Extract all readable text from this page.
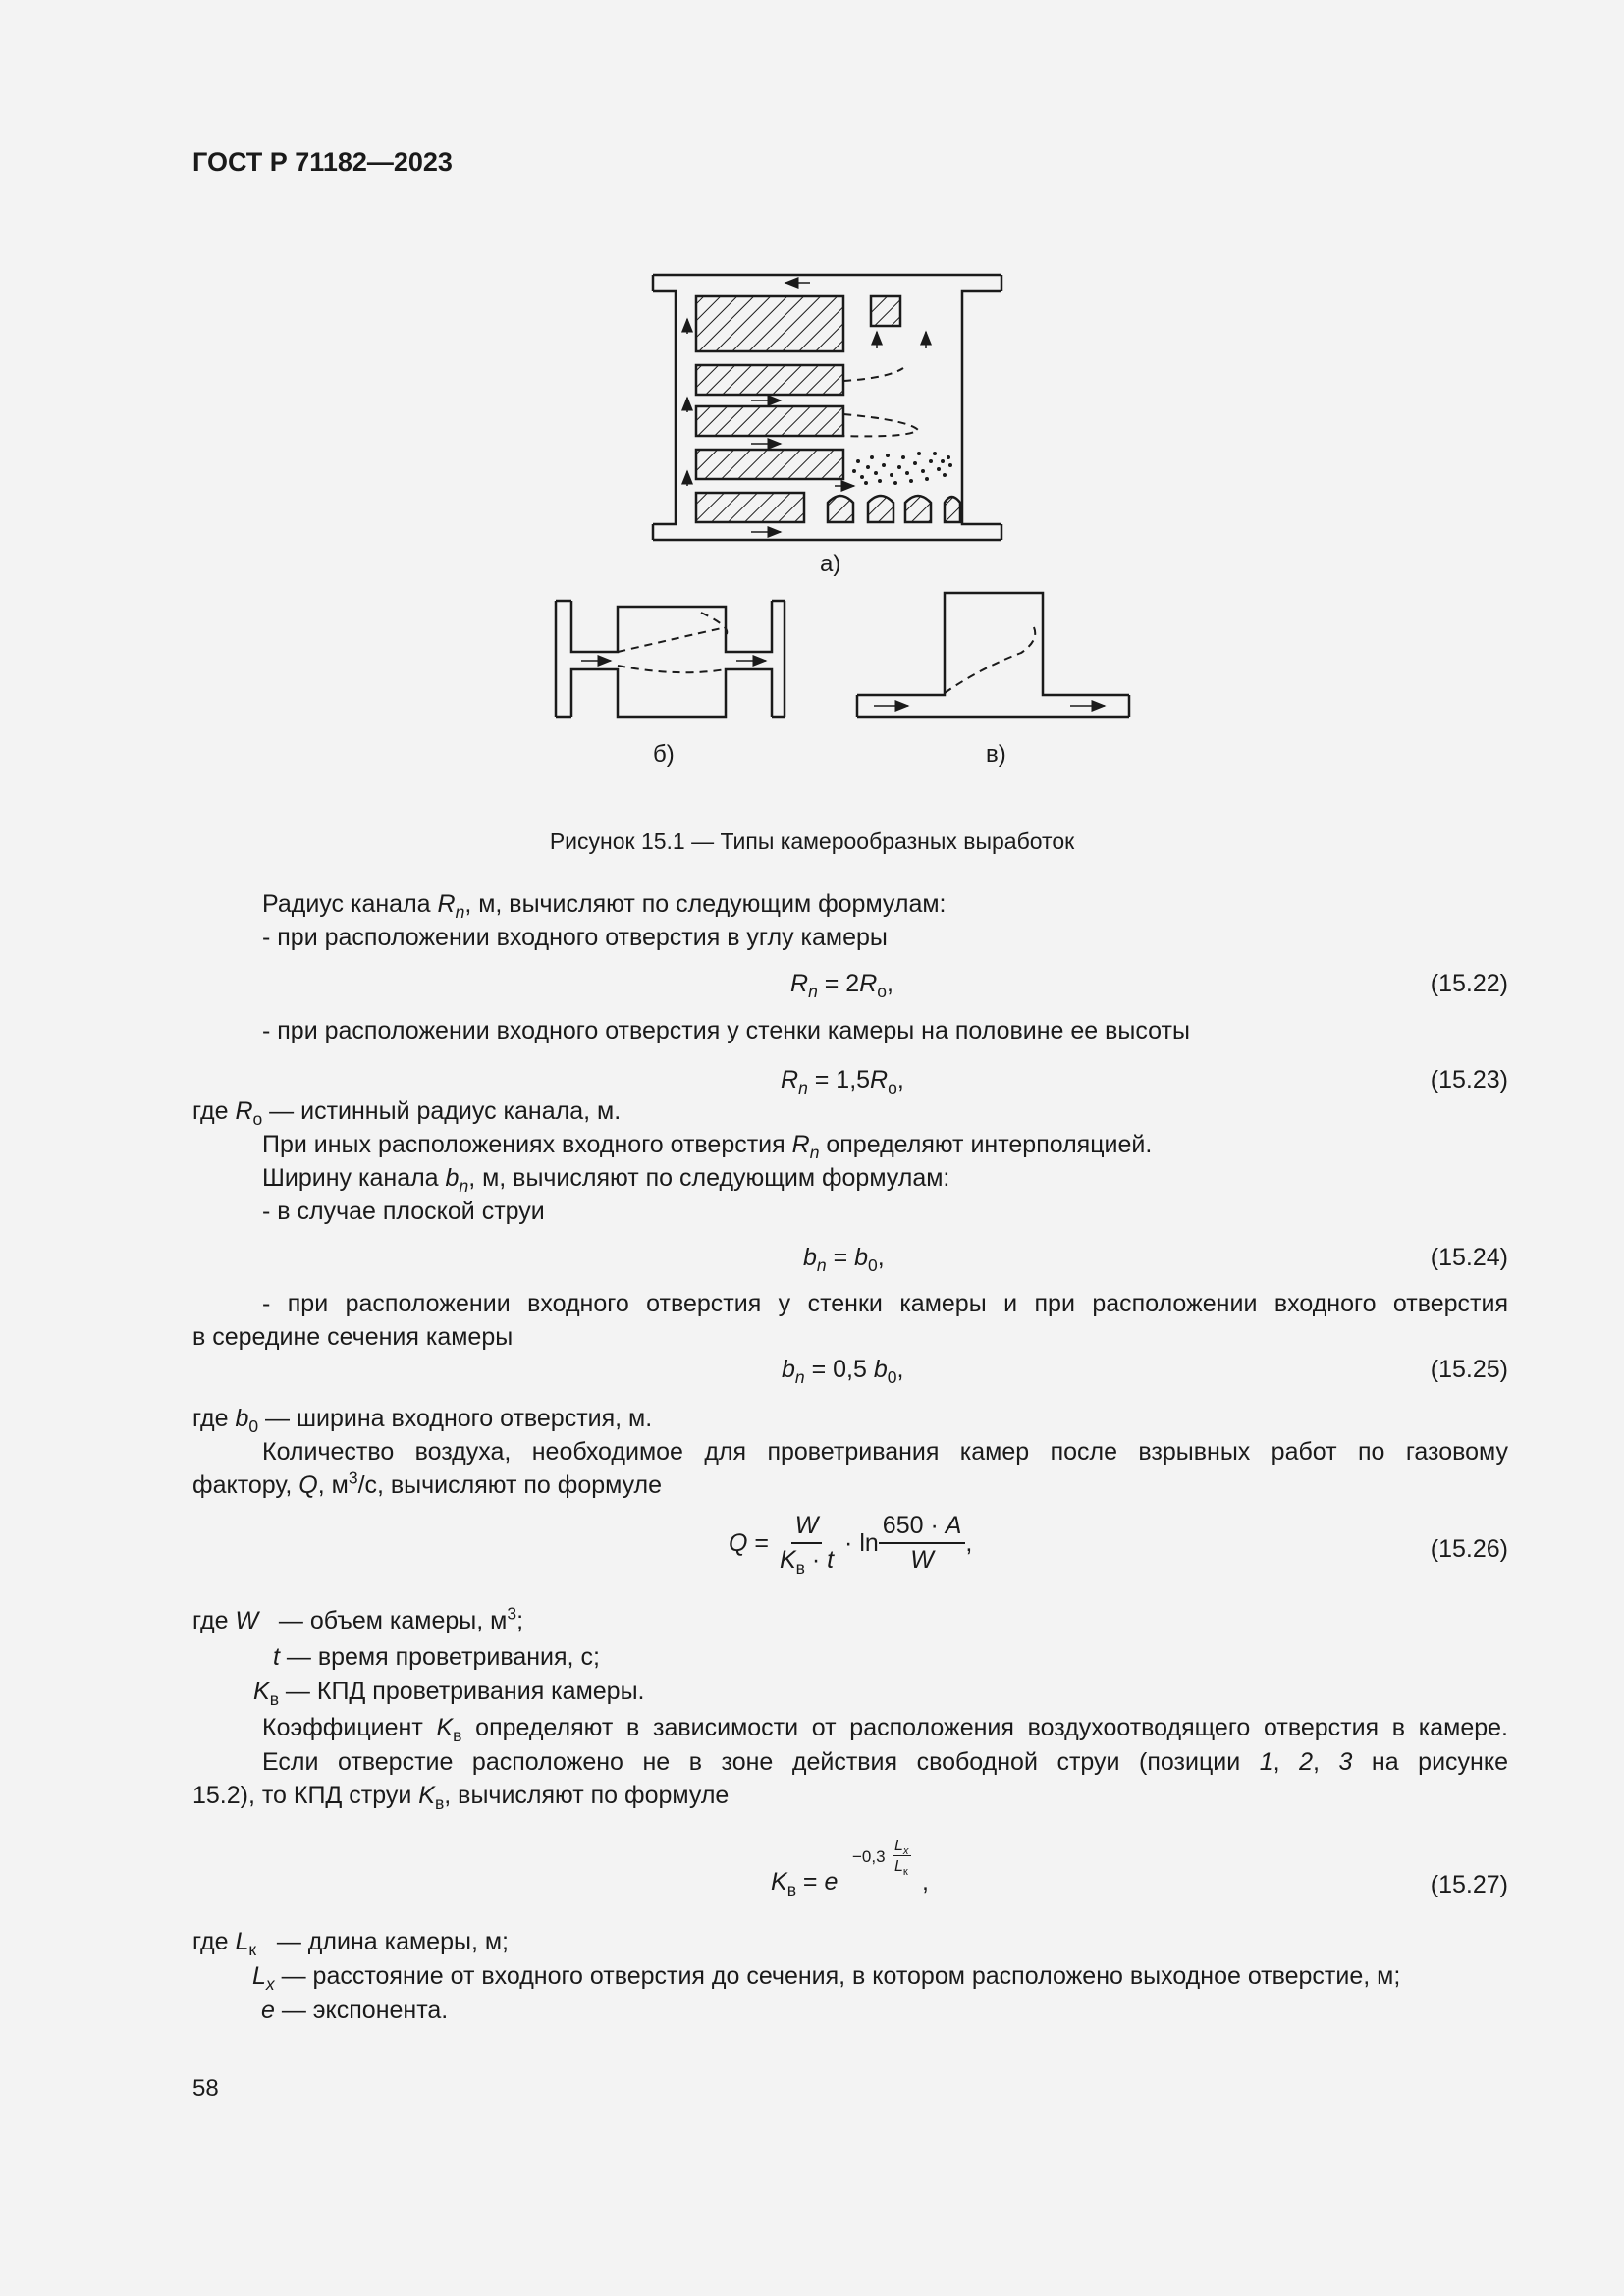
ГОСТ Р 71182—2023
а)
б)	в)
Рисунок 15.1 — Типы камерообразных выработок
Радиус канала $R_n$, м, вычисляют по следующим формулам:
- при расположении входного отверстия в углу камеры
$R_n = 2R_о$,	(15.22)
- при расположении входного отверстия у стенки камеры на половине ее высоты
$R_n = 1,5R_о$,	(15.23)
где $R_о$ — истинный радиус канала, м.
При иных расположениях входного отверстия $R_n$ определяют интерполяцией.
Ширину канала $b_n$, м, вычисляют по следующим формулам:
- в случае плоской струи
$b_n = b_0$,	(15.24)
- при расположении входного отверстия у стенки камеры и при расположении входного отверстия
в середине сечения камеры
$b_n = 0,5$ $b_0$,	(15.25)
где $b_0$ — ширина входного отверстия, м.
Количество воздуха, необходимое для проветривания камер после взрывных работ по газовому
фактору, Q, $м^3/с$, вычисляют по формуле
$Q = \frac{W}{K_в \cdot t} \cdot \ln \frac{650 \cdot A}{W}$ ,	(15.26)
где W   — объем камеры, $м^3$;
t — время проветривания, с;
$K_в$ — КПД проветривания камеры.
Коэффициент $K_в$ определяют в зависимости от расположения воздухоотводящего отверстия в камере.
Если отверстие расположено не в зоне действия свободной струи (позиции 1, 2, 3 на рисунке
15.2), то КПД струи $K_в$, вычисляют по формуле
$K_в = e$
−0,3
$L_x$
$L_к$ ,	(15.27)
где $L_к$   — длина камеры, м;
$L_x$ — расстояние от входного отверстия до сечения, в котором расположено выходное отверстие, м;
e — экспонента.
58
